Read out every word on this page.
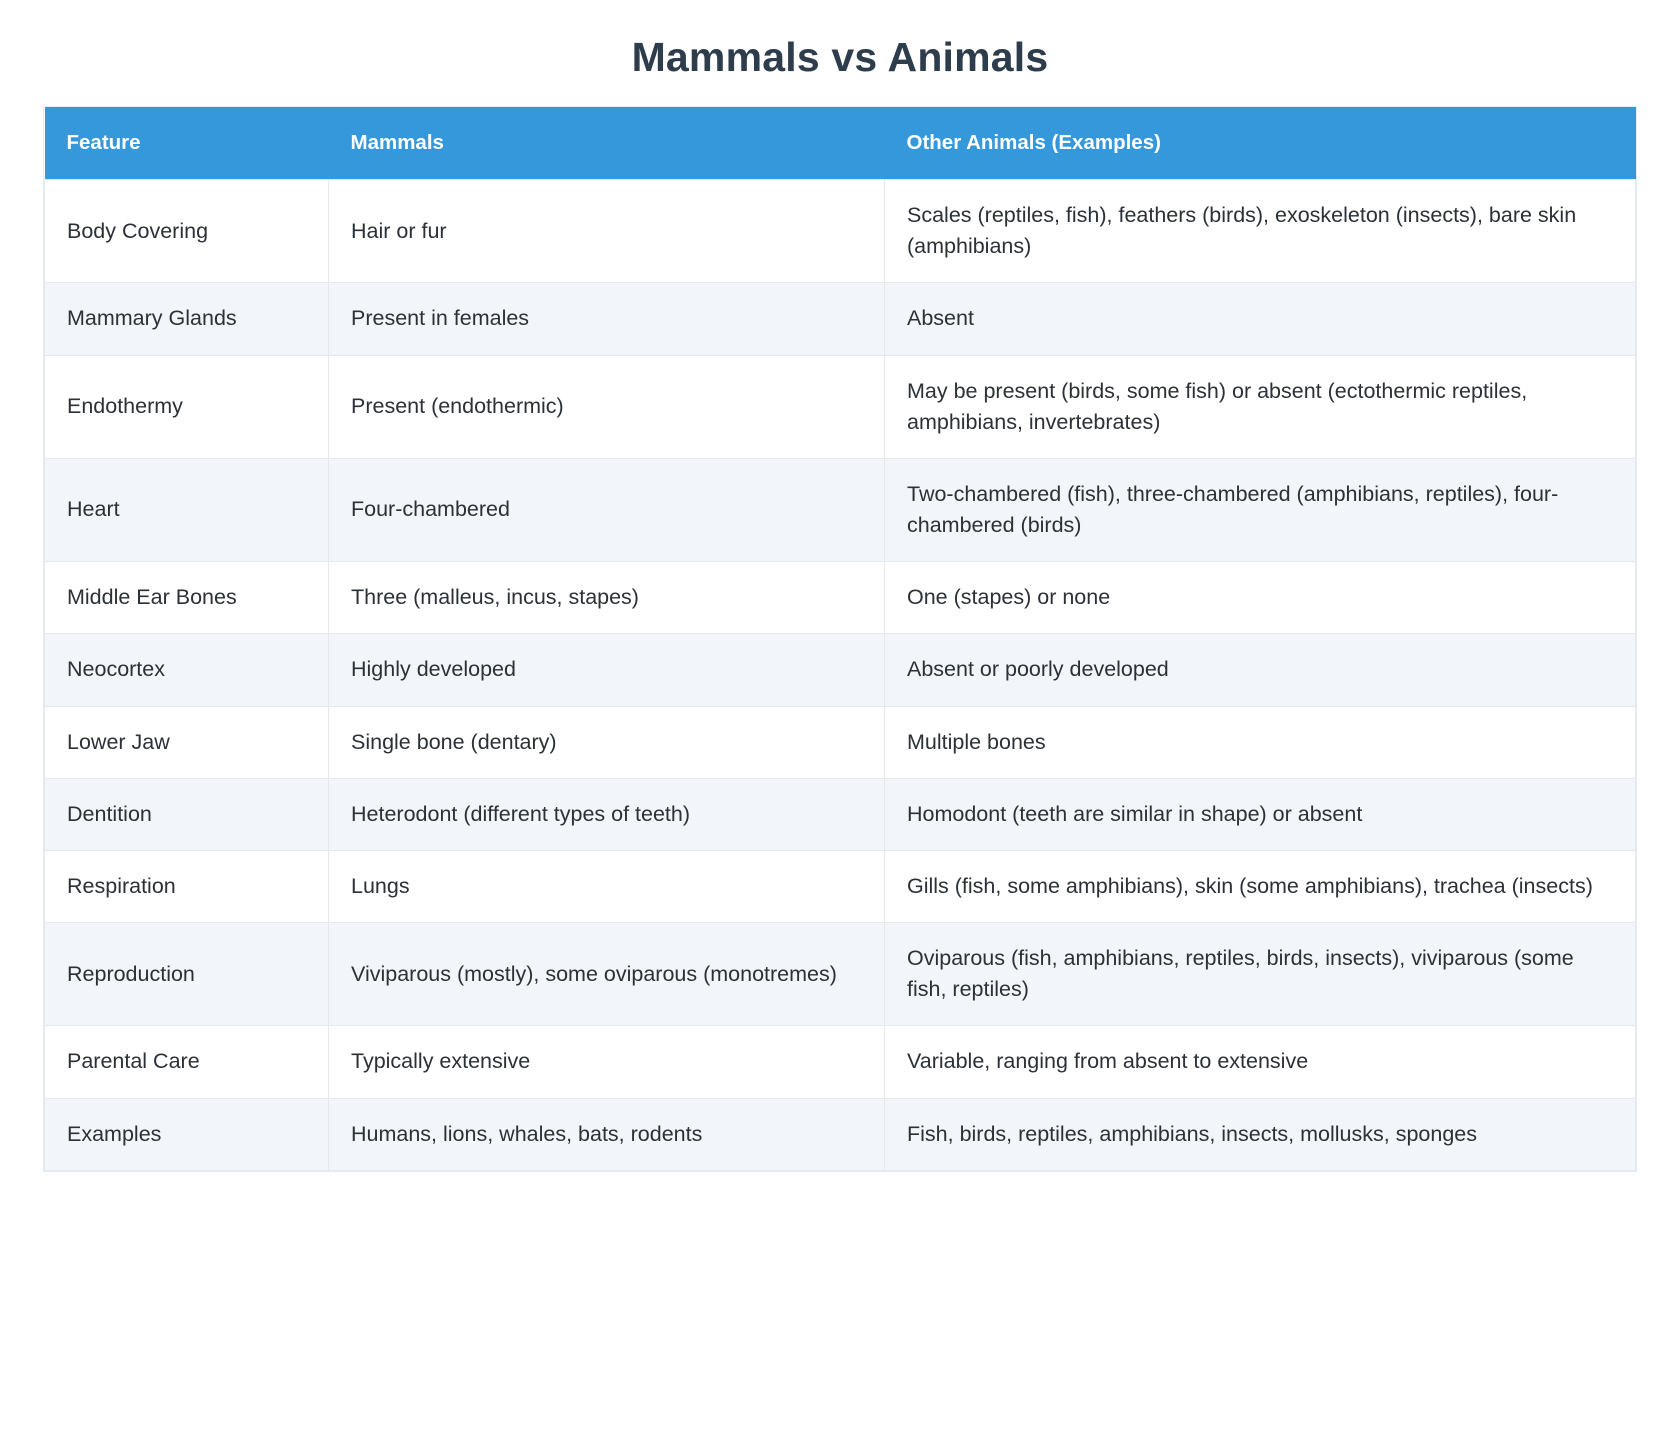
Mammals vs Animals
Feature	Mammals	Other Animals (Examples)
Body Covering	Hair or fur	Scales (reptiles, fish), feathers (birds), exoskeleton (insects), bare skin (amphibians)
Mammary Glands	Present in females	Absent
Endothermy	Present (endothermic)	May be present (birds, some fish) or absent (ectothermic reptiles, amphibians, invertebrates)
Heart	Four-chambered	Two-chambered (fish), three-chambered (amphibians, reptiles), four-chambered (birds)
Middle Ear Bones	Three (malleus, incus, stapes)	One (stapes) or none
Neocortex	Highly developed	Absent or poorly developed
Lower Jaw	Single bone (dentary)	Multiple bones
Dentition	Heterodont (different types of teeth)	Homodont (teeth are similar in shape) or absent
Respiration	Lungs	Gills (fish, some amphibians), skin (some amphibians), trachea (insects)
Reproduction	Viviparous (mostly), some oviparous (monotremes)	Oviparous (fish, amphibians, reptiles, birds, insects), viviparous (some fish, reptiles)
Parental Care	Typically extensive	Variable, ranging from absent to extensive
Examples	Humans, lions, whales, bats, rodents	Fish, birds, reptiles, amphibians, insects, mollusks, sponges
